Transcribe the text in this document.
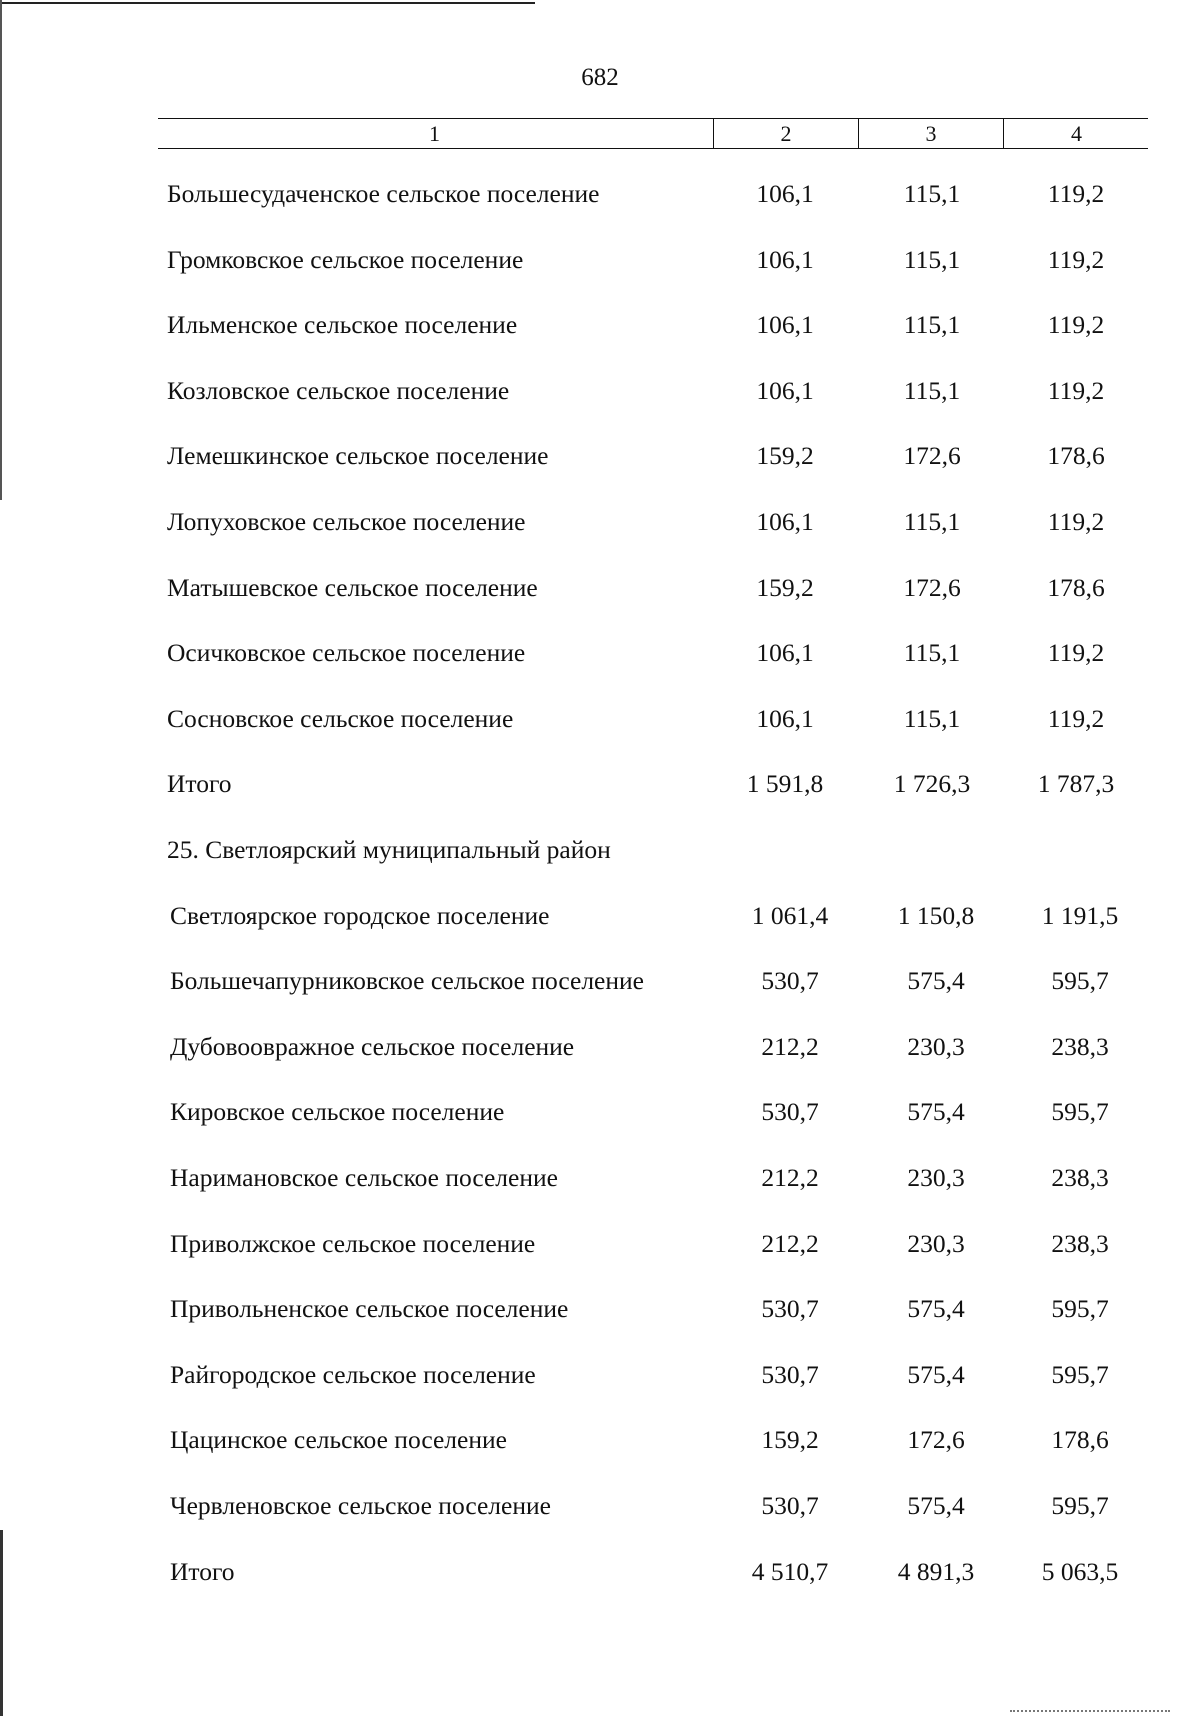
682
1	2	3	4
Большесудаченское сельское поселение	106,1	115,1	119,2
Громковское сельское поселение	106,1	115,1	119,2
Ильменское сельское поселение	106,1	115,1	119,2
Козловское сельское поселение	106,1	115,1	119,2
Лемешкинское сельское поселение	159,2	172,6	178,6
Лопуховское сельское поселение	106,1	115,1	119,2
Матышевское сельское поселение	159,2	172,6	178,6
Осичковское сельское поселение	106,1	115,1	119,2
Сосновское сельское поселение	106,1	115,1	119,2
Итого	1 591,8	1 726,3	1 787,3
25. Светлоярский муниципальный район
Светлоярское городское поселение	1 061,4	1 150,8	1 191,5
Большечапурниковское сельское поселение	530,7	575,4	595,7
Дубовоовражное сельское поселение	212,2	230,3	238,3
Кировское сельское поселение	530,7	575,4	595,7
Наримановское сельское поселение	212,2	230,3	238,3
Приволжское сельское поселение	212,2	230,3	238,3
Привольненское сельское поселение	530,7	575,4	595,7
Райгородское сельское поселение	530,7	575,4	595,7
Цацинское сельское поселение	159,2	172,6	178,6
Червленовское сельское поселение	530,7	575,4	595,7
Итого	4 510,7	4 891,3	5 063,5
